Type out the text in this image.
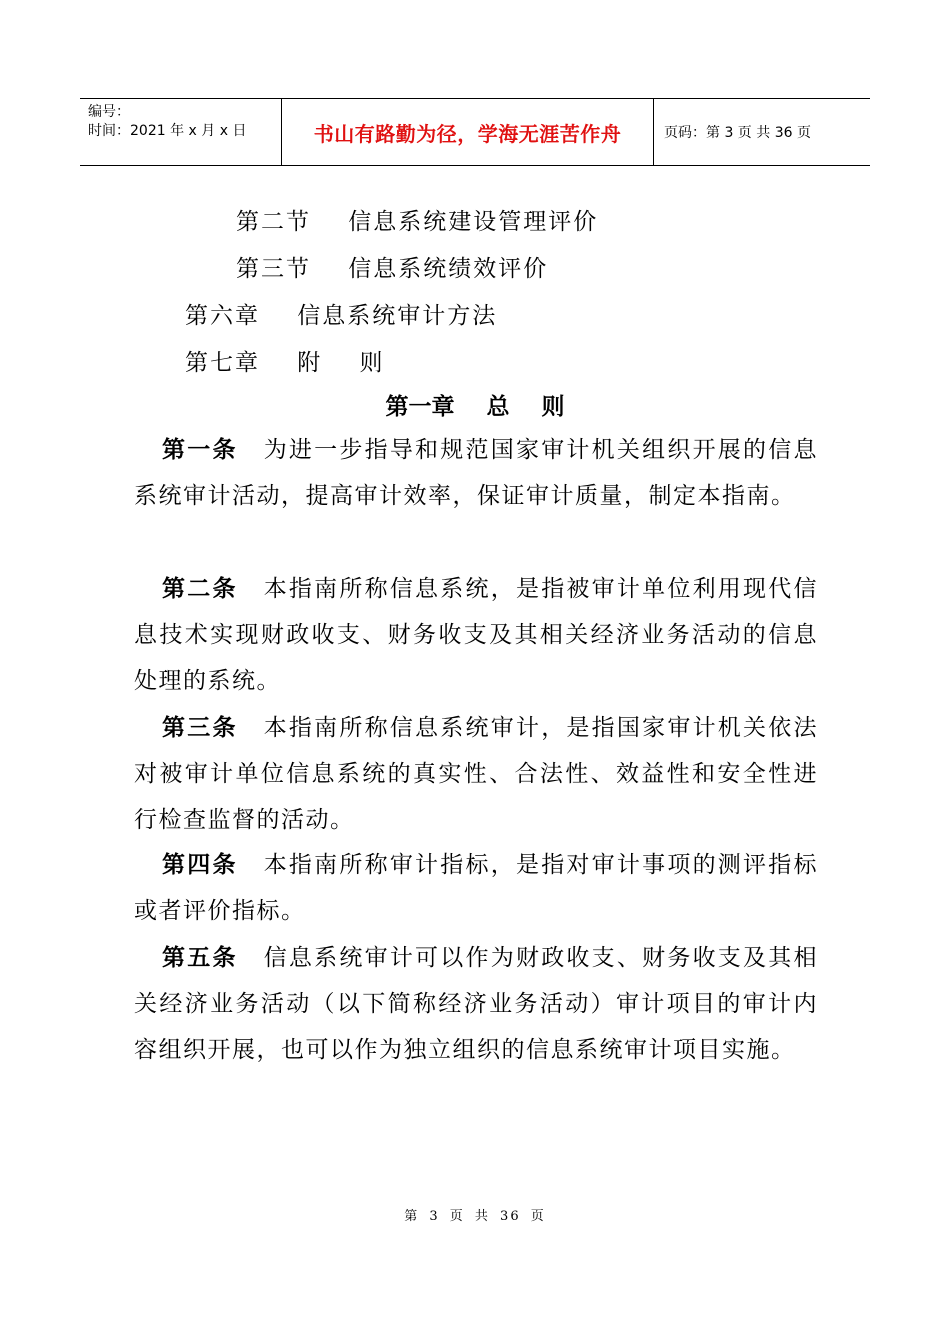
编号：
时间：2021 年 x 月 x 日	书山有路勤为径，学海无涯苦作舟	页码：第 3 页 共 36 页
第二节    信息系统建设管理评价
第三节    信息系统绩效评价
第六章    信息系统审计方法
第七章    附    则
第一章    总    则
第一条 为进一步指导和规范国家审计机关组织开展的信息系统审计活动，提高审计效率，保证审计质量，制定本指南。
第二条 本指南所称信息系统，是指被审计单位利用现代信息技术实现财政收支、财务收支及其相关经济业务活动的信息处理的系统。
第三条 本指南所称信息系统审计，是指国家审计机关依法对被审计单位信息系统的真实性、合法性、效益性和安全性进行检查监督的活动。
第四条 本指南所称审计指标，是指对审计事项的测评指标或者评价指标。
第五条 信息系统审计可以作为财政收支、财务收支及其相关经济业务活动（以下简称经济业务活动）审计项目的审计内容组织开展，也可以作为独立组织的信息系统审计项目实施。
第 3 页 共 36 页
